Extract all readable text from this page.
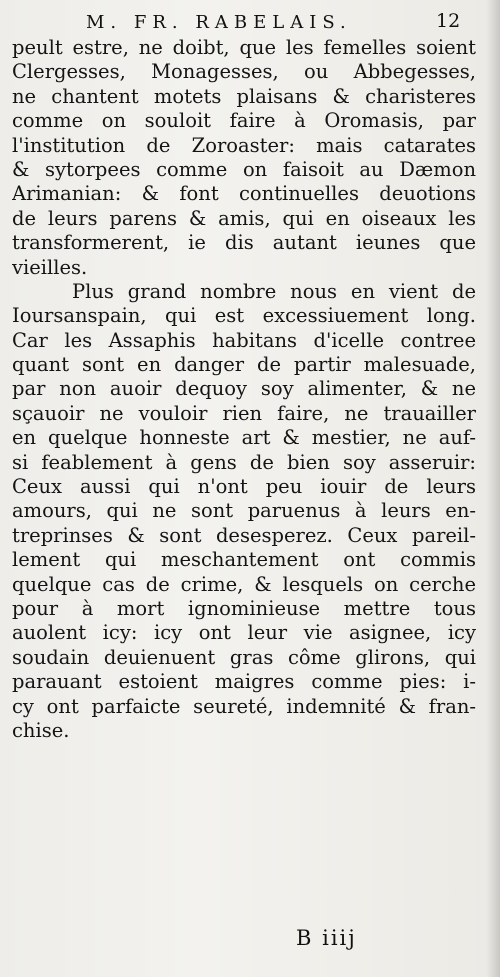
M. FR. RABELAIS.	12
peult estre, ne doibt, que les femelles soient
Clergesses, Monagesses, ou Abbegesses,
ne chantent motets plaisans & charisteres
comme on souloit faire à Oromasis, par
l'institution de Zoroaster: mais catarates
& sytorpees comme on faisoit au Dæmon
Arimanian: & font continuelles deuotions
de leurs parens & amis, qui en oiseaux les
transformerent, ie dis autant ieunes que
vieilles.
Plus grand nombre nous en vient de
Ioursanspain, qui est excessiuement long.
Car les Assaphis habitans d'icelle contree
quant sont en danger de partir malesuade,
par non auoir dequoy soy alimenter, & ne
sçauoir ne vouloir rien faire, ne trauailler
en quelque honneste art & mestier, ne auf-
si feablement à gens de bien soy asseruir:
Ceux aussi qui n'ont peu iouir de leurs
amours, qui ne sont paruenus à leurs en-
treprinses & sont desesperez. Ceux pareil-
lement qui meschantement ont commis
quelque cas de crime, & lesquels on cerche
pour à mort ignominieuse mettre tous
auolent icy: icy ont leur vie asignee, icy
soudain deuienuent gras côme glirons, qui
parauant estoient maigres comme pies: i-
cy ont parfaicte seureté, indemnité & fran-
chise.
B iiij
